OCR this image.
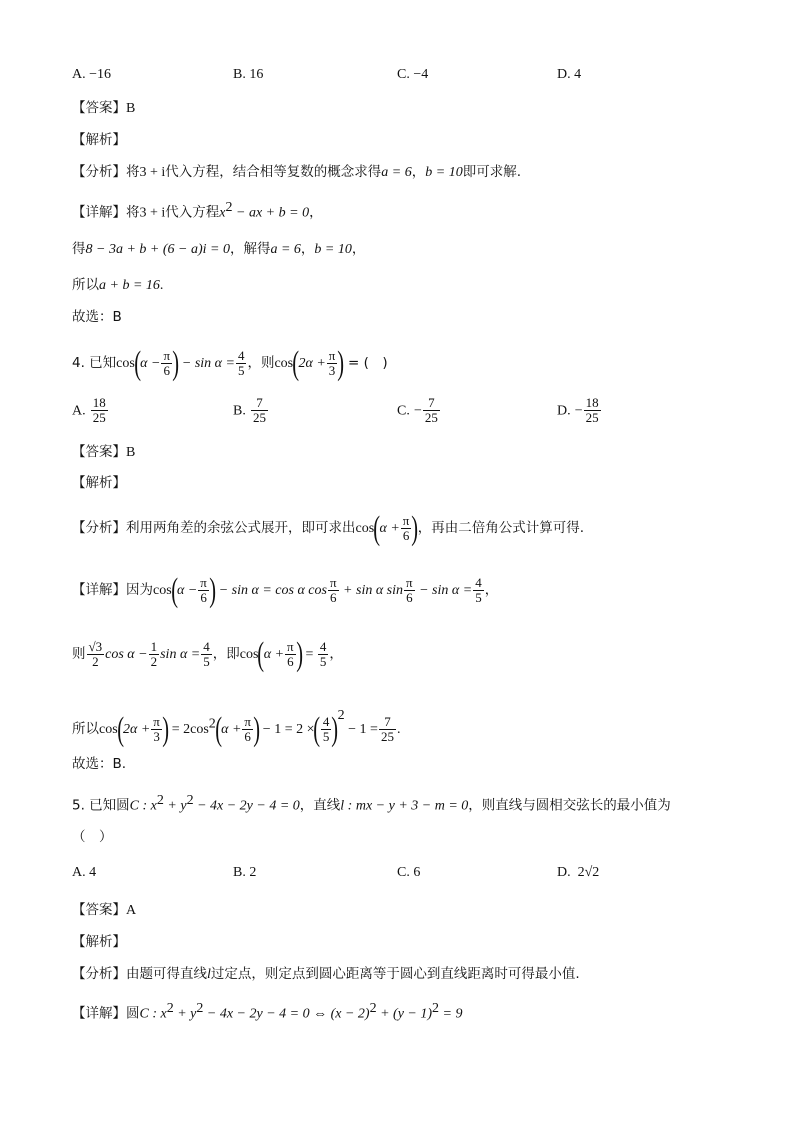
A. −16	B. 16	C. −4	D. 4
【答案】B
【解析】
【分析】将3 + i代入方程，结合相等复数的概念求得a = 6，b = 10即可求解.
【详解】将3 + i代入方程$x^2$ − ax + b = 0，
得8 − 3a + b + (6 − a)i = 0，解得a = 6，b = 10，
所以a + b = 16.
故选：B
4. 已知$\cos(\alpha - \frac{\pi}{6}$ ) − $\sin \alpha = \frac{4}{5}$ ，则$\cos(2\alpha + \frac{\pi}{3}$ ) = (　)
A. $\frac{18}{25}$	B. $\frac{7}{25}$	C. − $\frac{7}{25}$	D. − $\frac{18}{25}$
【答案】B
【解析】
【分析】利用两角差的余弦公式展开，即可求出$\cos(\alpha + \frac{\pi}{6}$ )，再由二倍角公式计算可得.
【详解】因为$\cos(\alpha - \frac{\pi}{6}$ ) − sin α = cos α $\cos \frac{\pi}{6} + \sin \alpha$ $\sin \frac{\pi}{6} - \sin \alpha = \frac{4}{5}$ ，
则 $\frac{√3}{2}$ $\cos \alpha - \frac{1}{2}$ $\sin \alpha = \frac{4}{5}$ ，即$\cos(\alpha + \frac{\pi}{6}$ ) = $\frac{4}{5}$ ，
所以$\cos(2\alpha + \frac{\pi}{3}$ ) = $2\cos^2(\alpha + \frac{\pi}{6}$ ) − 1 = 2 ×( $\frac{4}{5} )^2 - 1 = \frac{7}{25}$ .
故选：B.
5. 已知圆C : $x^2 + y^2 - 4x - 2y - 4 = 0$，直线l : mx − y + 3 − m = 0，则直线与圆相交弦长的最小值为
（　）
A. 4	B. 2	C. 6	D. 2√2
【答案】A
【解析】
【分析】由题可得直线l过定点，则定点到圆心距离等于圆心到直线距离时可得最小值.
【详解】圆C : $x^2 + y^2 - 4x - 2y - 4 = 0$ ⇔ $(x - 2)^2 + (y - 1)^2 = 9$
